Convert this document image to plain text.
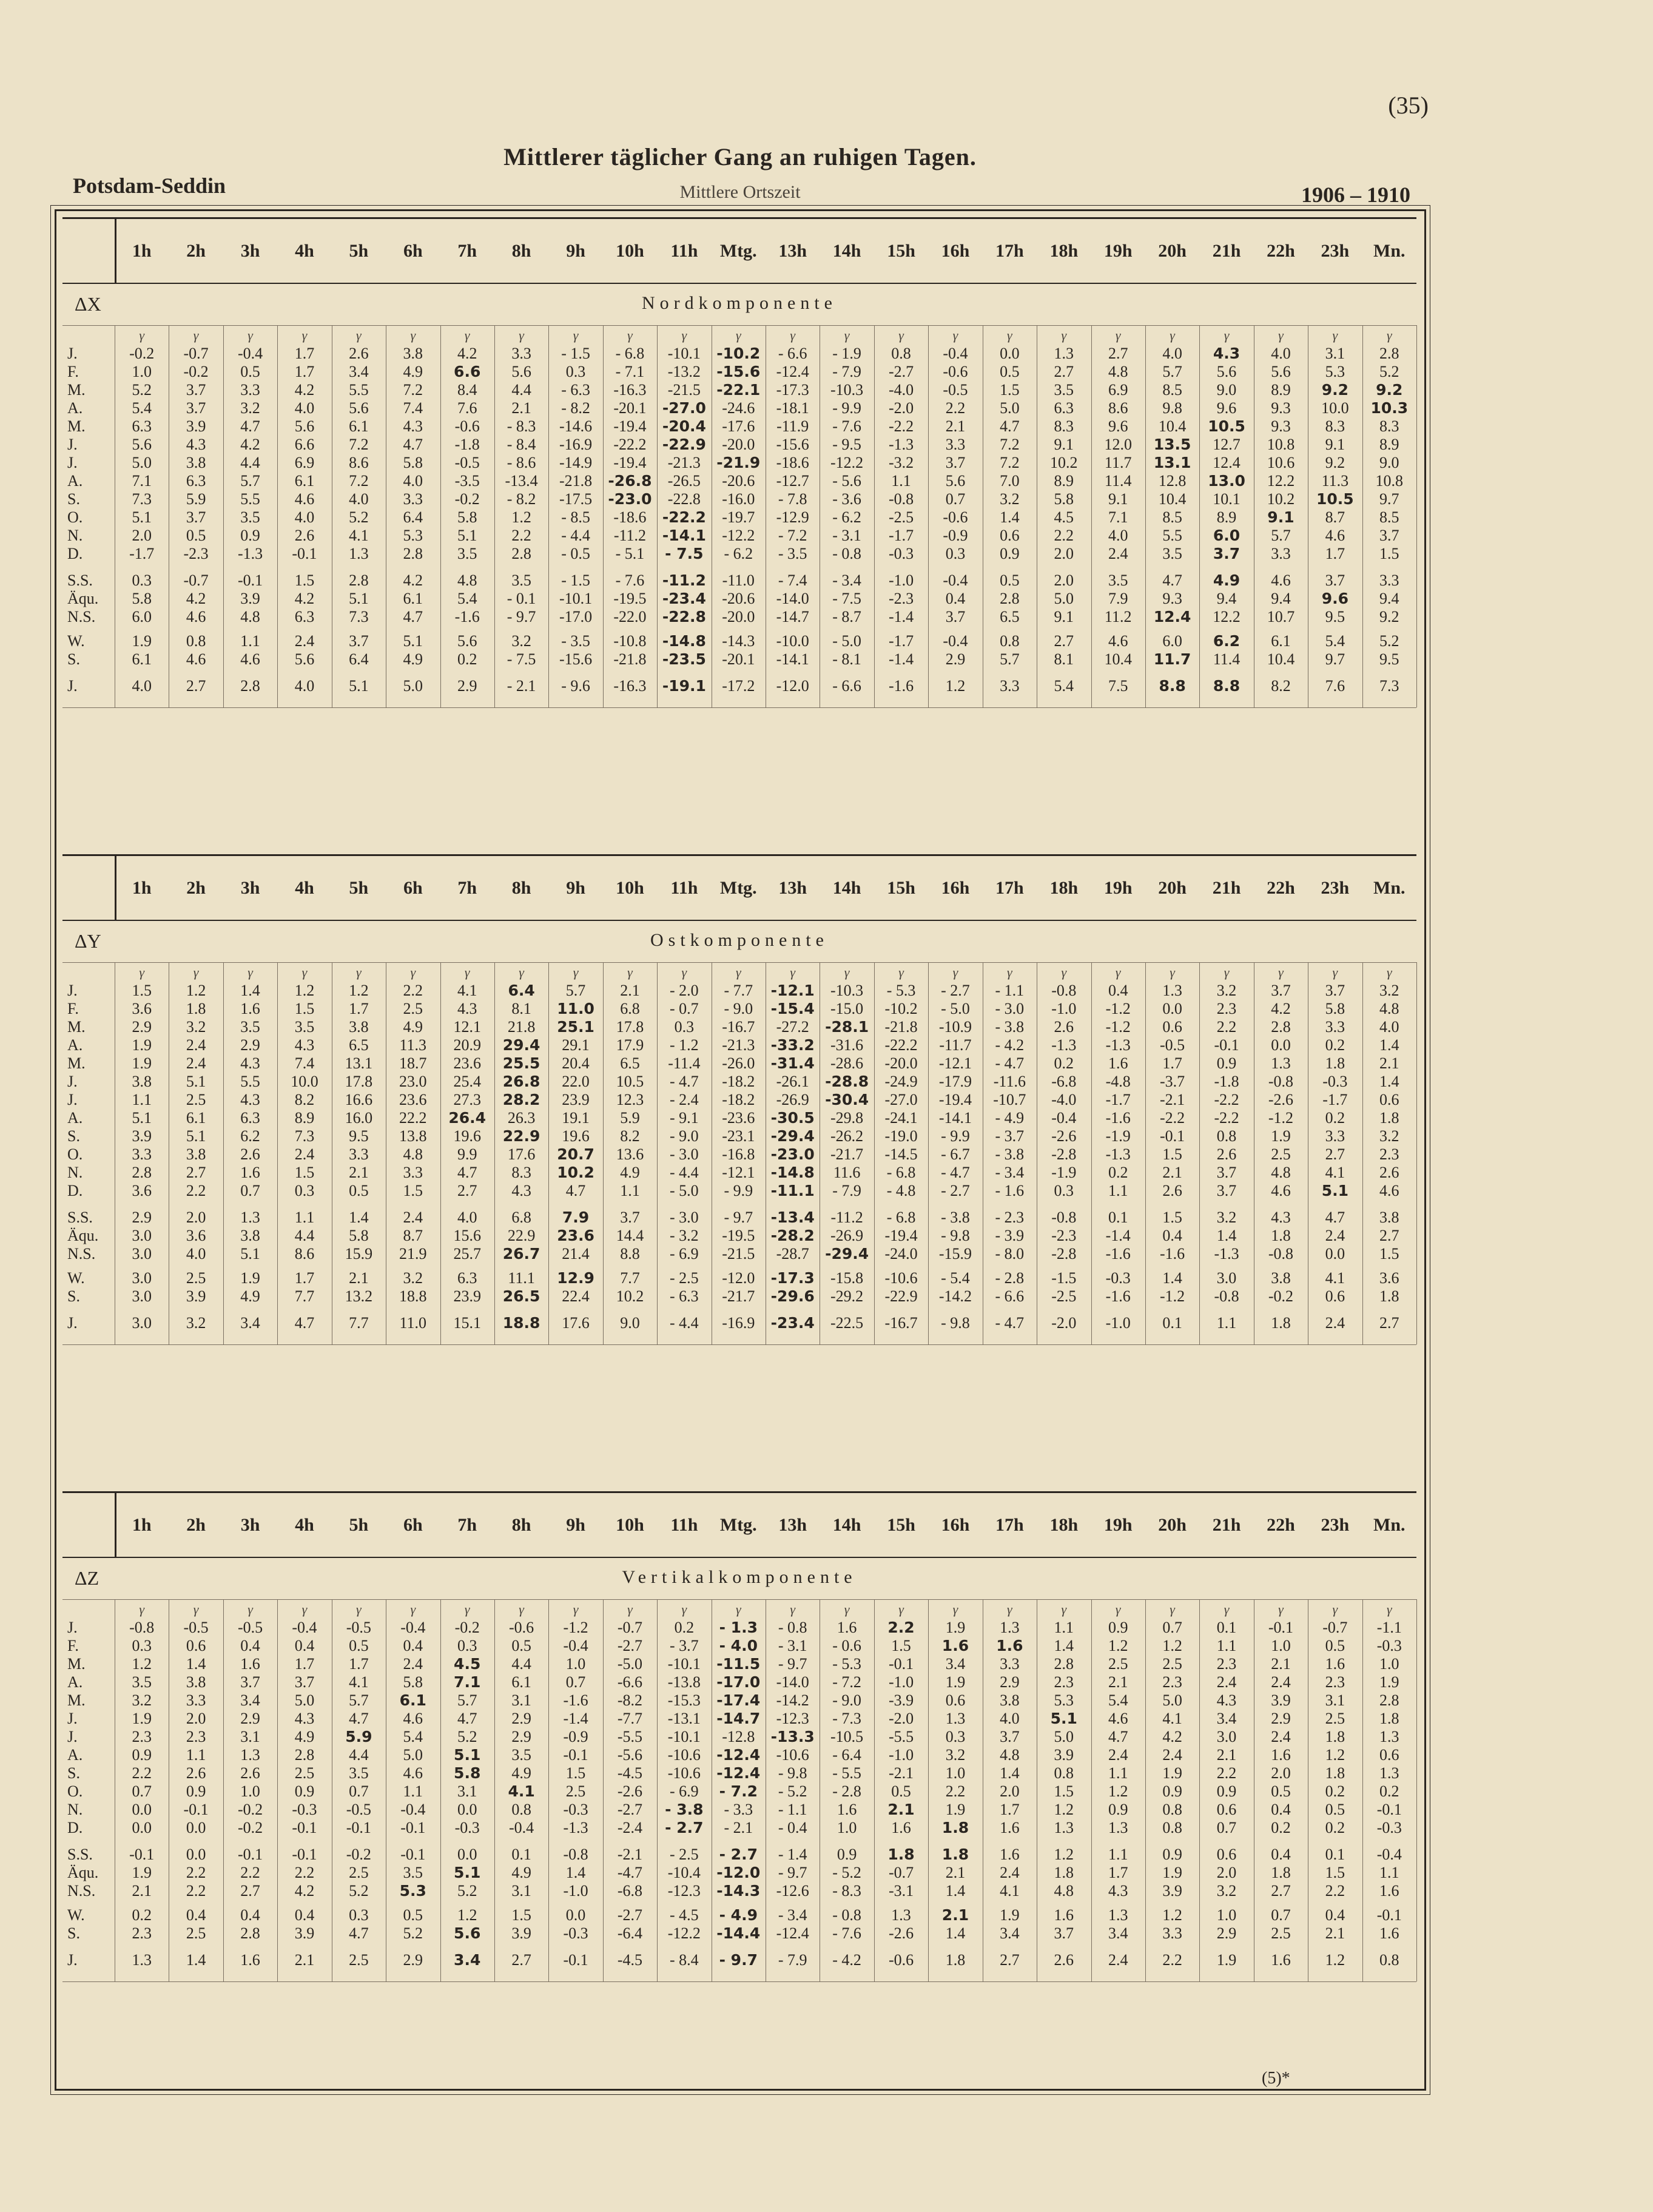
(35)
Mittlerer täglicher Gang an ruhigen Tagen.
Potsdam-Seddin	Mittlere Ortszeit	1906 – 1910
1h	2h	3h	4h	5h	6h	7h	8h	9h	10h	11h	Mtg.	13h	14h	15h	16h	17h	18h	19h	20h	21h	22h	23h	Mn.
ΔX	Nordkomponente
γ	γ	γ	γ	γ	γ	γ	γ	γ	γ	γ	γ	γ	γ	γ	γ	γ	γ	γ	γ	γ	γ	γ	γ
J.	-0.2	-0.7	-0.4	1.7	2.6	3.8	4.2	3.3	- 1.5	- 6.8	-10.1	-10.2	- 6.6	- 1.9	0.8	-0.4	0.0	1.3	2.7	4.0	4.3	4.0	3.1	2.8
F.	1.0	-0.2	0.5	1.7	3.4	4.9	6.6	5.6	0.3	- 7.1	-13.2	-15.6	-12.4	- 7.9	-2.7	-0.6	0.5	2.7	4.8	5.7	5.6	5.6	5.3	5.2
M.	5.2	3.7	3.3	4.2	5.5	7.2	8.4	4.4	- 6.3	-16.3	-21.5	-22.1	-17.3	-10.3	-4.0	-0.5	1.5	3.5	6.9	8.5	9.0	8.9	9.2	9.2
A.	5.4	3.7	3.2	4.0	5.6	7.4	7.6	2.1	- 8.2	-20.1	-27.0	-24.6	-18.1	- 9.9	-2.0	2.2	5.0	6.3	8.6	9.8	9.6	9.3	10.0	10.3
M.	6.3	3.9	4.7	5.6	6.1	4.3	-0.6	- 8.3	-14.6	-19.4	-20.4	-17.6	-11.9	- 7.6	-2.2	2.1	4.7	8.3	9.6	10.4	10.5	9.3	8.3	8.3
J.	5.6	4.3	4.2	6.6	7.2	4.7	-1.8	- 8.4	-16.9	-22.2	-22.9	-20.0	-15.6	- 9.5	-1.3	3.3	7.2	9.1	12.0	13.5	12.7	10.8	9.1	8.9
J.	5.0	3.8	4.4	6.9	8.6	5.8	-0.5	- 8.6	-14.9	-19.4	-21.3	-21.9	-18.6	-12.2	-3.2	3.7	7.2	10.2	11.7	13.1	12.4	10.6	9.2	9.0
A.	7.1	6.3	5.7	6.1	7.2	4.0	-3.5	-13.4	-21.8	-26.8	-26.5	-20.6	-12.7	- 5.6	1.1	5.6	7.0	8.9	11.4	12.8	13.0	12.2	11.3	10.8
S.	7.3	5.9	5.5	4.6	4.0	3.3	-0.2	- 8.2	-17.5	-23.0	-22.8	-16.0	- 7.8	- 3.6	-0.8	0.7	3.2	5.8	9.1	10.4	10.1	10.2	10.5	9.7
O.	5.1	3.7	3.5	4.0	5.2	6.4	5.8	1.2	- 8.5	-18.6	-22.2	-19.7	-12.9	- 6.2	-2.5	-0.6	1.4	4.5	7.1	8.5	8.9	9.1	8.7	8.5
N.	2.0	0.5	0.9	2.6	4.1	5.3	5.1	2.2	- 4.4	-11.2	-14.1	-12.2	- 7.2	- 3.1	-1.7	-0.9	0.6	2.2	4.0	5.5	6.0	5.7	4.6	3.7
D.	-1.7	-2.3	-1.3	-0.1	1.3	2.8	3.5	2.8	- 0.5	- 5.1	- 7.5	- 6.2	- 3.5	- 0.8	-0.3	0.3	0.9	2.0	2.4	3.5	3.7	3.3	1.7	1.5
S.S.	0.3	-0.7	-0.1	1.5	2.8	4.2	4.8	3.5	- 1.5	- 7.6	-11.2	-11.0	- 7.4	- 3.4	-1.0	-0.4	0.5	2.0	3.5	4.7	4.9	4.6	3.7	3.3
Äqu.	5.8	4.2	3.9	4.2	5.1	6.1	5.4	- 0.1	-10.1	-19.5	-23.4	-20.6	-14.0	- 7.5	-2.3	0.4	2.8	5.0	7.9	9.3	9.4	9.4	9.6	9.4
N.S.	6.0	4.6	4.8	6.3	7.3	4.7	-1.6	- 9.7	-17.0	-22.0	-22.8	-20.0	-14.7	- 8.7	-1.4	3.7	6.5	9.1	11.2	12.4	12.2	10.7	9.5	9.2
W.	1.9	0.8	1.1	2.4	3.7	5.1	5.6	3.2	- 3.5	-10.8	-14.8	-14.3	-10.0	- 5.0	-1.7	-0.4	0.8	2.7	4.6	6.0	6.2	6.1	5.4	5.2
S.	6.1	4.6	4.6	5.6	6.4	4.9	0.2	- 7.5	-15.6	-21.8	-23.5	-20.1	-14.1	- 8.1	-1.4	2.9	5.7	8.1	10.4	11.7	11.4	10.4	9.7	9.5
J.	4.0	2.7	2.8	4.0	5.1	5.0	2.9	- 2.1	- 9.6	-16.3	-19.1	-17.2	-12.0	- 6.6	-1.6	1.2	3.3	5.4	7.5	8.8	8.8	8.2	7.6	7.3
1h	2h	3h	4h	5h	6h	7h	8h	9h	10h	11h	Mtg.	13h	14h	15h	16h	17h	18h	19h	20h	21h	22h	23h	Mn.
ΔY	Ostkomponente
γ	γ	γ	γ	γ	γ	γ	γ	γ	γ	γ	γ	γ	γ	γ	γ	γ	γ	γ	γ	γ	γ	γ	γ
J.	1.5	1.2	1.4	1.2	1.2	2.2	4.1	6.4	5.7	2.1	- 2.0	- 7.7	-12.1	-10.3	- 5.3	- 2.7	- 1.1	-0.8	0.4	1.3	3.2	3.7	3.7	3.2
F.	3.6	1.8	1.6	1.5	1.7	2.5	4.3	8.1	11.0	6.8	- 0.7	- 9.0	-15.4	-15.0	-10.2	- 5.0	- 3.0	-1.0	-1.2	0.0	2.3	4.2	5.8	4.8
M.	2.9	3.2	3.5	3.5	3.8	4.9	12.1	21.8	25.1	17.8	0.3	-16.7	-27.2	-28.1	-21.8	-10.9	- 3.8	2.6	-1.2	0.6	2.2	2.8	3.3	4.0
A.	1.9	2.4	2.9	4.3	6.5	11.3	20.9	29.4	29.1	17.9	- 1.2	-21.3	-33.2	-31.6	-22.2	-11.7	- 4.2	-1.3	-1.3	-0.5	-0.1	0.0	0.2	1.4
M.	1.9	2.4	4.3	7.4	13.1	18.7	23.6	25.5	20.4	6.5	-11.4	-26.0	-31.4	-28.6	-20.0	-12.1	- 4.7	0.2	1.6	1.7	0.9	1.3	1.8	2.1
J.	3.8	5.1	5.5	10.0	17.8	23.0	25.4	26.8	22.0	10.5	- 4.7	-18.2	-26.1	-28.8	-24.9	-17.9	-11.6	-6.8	-4.8	-3.7	-1.8	-0.8	-0.3	1.4
J.	1.1	2.5	4.3	8.2	16.6	23.6	27.3	28.2	23.9	12.3	- 2.4	-18.2	-26.9	-30.4	-27.0	-19.4	-10.7	-4.0	-1.7	-2.1	-2.2	-2.6	-1.7	0.6
A.	5.1	6.1	6.3	8.9	16.0	22.2	26.4	26.3	19.1	5.9	- 9.1	-23.6	-30.5	-29.8	-24.1	-14.1	- 4.9	-0.4	-1.6	-2.2	-2.2	-1.2	0.2	1.8
S.	3.9	5.1	6.2	7.3	9.5	13.8	19.6	22.9	19.6	8.2	- 9.0	-23.1	-29.4	-26.2	-19.0	- 9.9	- 3.7	-2.6	-1.9	-0.1	0.8	1.9	3.3	3.2
O.	3.3	3.8	2.6	2.4	3.3	4.8	9.9	17.6	20.7	13.6	- 3.0	-16.8	-23.0	-21.7	-14.5	- 6.7	- 3.8	-2.8	-1.3	1.5	2.6	2.5	2.7	2.3
N.	2.8	2.7	1.6	1.5	2.1	3.3	4.7	8.3	10.2	4.9	- 4.4	-12.1	-14.8	11.6	- 6.8	- 4.7	- 3.4	-1.9	0.2	2.1	3.7	4.8	4.1	2.6
D.	3.6	2.2	0.7	0.3	0.5	1.5	2.7	4.3	4.7	1.1	- 5.0	- 9.9	-11.1	- 7.9	- 4.8	- 2.7	- 1.6	0.3	1.1	2.6	3.7	4.6	5.1	4.6
S.S.	2.9	2.0	1.3	1.1	1.4	2.4	4.0	6.8	7.9	3.7	- 3.0	- 9.7	-13.4	-11.2	- 6.8	- 3.8	- 2.3	-0.8	0.1	1.5	3.2	4.3	4.7	3.8
Äqu.	3.0	3.6	3.8	4.4	5.8	8.7	15.6	22.9	23.6	14.4	- 3.2	-19.5	-28.2	-26.9	-19.4	- 9.8	- 3.9	-2.3	-1.4	0.4	1.4	1.8	2.4	2.7
N.S.	3.0	4.0	5.1	8.6	15.9	21.9	25.7	26.7	21.4	8.8	- 6.9	-21.5	-28.7	-29.4	-24.0	-15.9	- 8.0	-2.8	-1.6	-1.6	-1.3	-0.8	0.0	1.5
W.	3.0	2.5	1.9	1.7	2.1	3.2	6.3	11.1	12.9	7.7	- 2.5	-12.0	-17.3	-15.8	-10.6	- 5.4	- 2.8	-1.5	-0.3	1.4	3.0	3.8	4.1	3.6
S.	3.0	3.9	4.9	7.7	13.2	18.8	23.9	26.5	22.4	10.2	- 6.3	-21.7	-29.6	-29.2	-22.9	-14.2	- 6.6	-2.5	-1.6	-1.2	-0.8	-0.2	0.6	1.8
J.	3.0	3.2	3.4	4.7	7.7	11.0	15.1	18.8	17.6	9.0	- 4.4	-16.9	-23.4	-22.5	-16.7	- 9.8	- 4.7	-2.0	-1.0	0.1	1.1	1.8	2.4	2.7
1h	2h	3h	4h	5h	6h	7h	8h	9h	10h	11h	Mtg.	13h	14h	15h	16h	17h	18h	19h	20h	21h	22h	23h	Mn.
ΔZ	Vertikalkomponente
γ	γ	γ	γ	γ	γ	γ	γ	γ	γ	γ	γ	γ	γ	γ	γ	γ	γ	γ	γ	γ	γ	γ	γ
J.	-0.8	-0.5	-0.5	-0.4	-0.5	-0.4	-0.2	-0.6	-1.2	-0.7	0.2	- 1.3	- 0.8	1.6	2.2	1.9	1.3	1.1	0.9	0.7	0.1	-0.1	-0.7	-1.1
F.	0.3	0.6	0.4	0.4	0.5	0.4	0.3	0.5	-0.4	-2.7	- 3.7	- 4.0	- 3.1	- 0.6	1.5	1.6	1.6	1.4	1.2	1.2	1.1	1.0	0.5	-0.3
M.	1.2	1.4	1.6	1.7	1.7	2.4	4.5	4.4	1.0	-5.0	-10.1	-11.5	- 9.7	- 5.3	-0.1	3.4	3.3	2.8	2.5	2.5	2.3	2.1	1.6	1.0
A.	3.5	3.8	3.7	3.7	4.1	5.8	7.1	6.1	0.7	-6.6	-13.8	-17.0	-14.0	- 7.2	-1.0	1.9	2.9	2.3	2.1	2.3	2.4	2.4	2.3	1.9
M.	3.2	3.3	3.4	5.0	5.7	6.1	5.7	3.1	-1.6	-8.2	-15.3	-17.4	-14.2	- 9.0	-3.9	0.6	3.8	5.3	5.4	5.0	4.3	3.9	3.1	2.8
J.	1.9	2.0	2.9	4.3	4.7	4.6	4.7	2.9	-1.4	-7.7	-13.1	-14.7	-12.3	- 7.3	-2.0	1.3	4.0	5.1	4.6	4.1	3.4	2.9	2.5	1.8
J.	2.3	2.3	3.1	4.9	5.9	5.4	5.2	2.9	-0.9	-5.5	-10.1	-12.8	-13.3	-10.5	-5.5	0.3	3.7	5.0	4.7	4.2	3.0	2.4	1.8	1.3
A.	0.9	1.1	1.3	2.8	4.4	5.0	5.1	3.5	-0.1	-5.6	-10.6	-12.4	-10.6	- 6.4	-1.0	3.2	4.8	3.9	2.4	2.4	2.1	1.6	1.2	0.6
S.	2.2	2.6	2.6	2.5	3.5	4.6	5.8	4.9	1.5	-4.5	-10.6	-12.4	- 9.8	- 5.5	-2.1	1.0	1.4	0.8	1.1	1.9	2.2	2.0	1.8	1.3
O.	0.7	0.9	1.0	0.9	0.7	1.1	3.1	4.1	2.5	-2.6	- 6.9	- 7.2	- 5.2	- 2.8	0.5	2.2	2.0	1.5	1.2	0.9	0.9	0.5	0.2	0.2
N.	0.0	-0.1	-0.2	-0.3	-0.5	-0.4	0.0	0.8	-0.3	-2.7	- 3.8	- 3.3	- 1.1	1.6	2.1	1.9	1.7	1.2	0.9	0.8	0.6	0.4	0.5	-0.1
D.	0.0	0.0	-0.2	-0.1	-0.1	-0.1	-0.3	-0.4	-1.3	-2.4	- 2.7	- 2.1	- 0.4	1.0	1.6	1.8	1.6	1.3	1.3	0.8	0.7	0.2	0.2	-0.3
S.S.	-0.1	0.0	-0.1	-0.1	-0.2	-0.1	0.0	0.1	-0.8	-2.1	- 2.5	- 2.7	- 1.4	0.9	1.8	1.8	1.6	1.2	1.1	0.9	0.6	0.4	0.1	-0.4
Äqu.	1.9	2.2	2.2	2.2	2.5	3.5	5.1	4.9	1.4	-4.7	-10.4	-12.0	- 9.7	- 5.2	-0.7	2.1	2.4	1.8	1.7	1.9	2.0	1.8	1.5	1.1
N.S.	2.1	2.2	2.7	4.2	5.2	5.3	5.2	3.1	-1.0	-6.8	-12.3	-14.3	-12.6	- 8.3	-3.1	1.4	4.1	4.8	4.3	3.9	3.2	2.7	2.2	1.6
W.	0.2	0.4	0.4	0.4	0.3	0.5	1.2	1.5	0.0	-2.7	- 4.5	- 4.9	- 3.4	- 0.8	1.3	2.1	1.9	1.6	1.3	1.2	1.0	0.7	0.4	-0.1
S.	2.3	2.5	2.8	3.9	4.7	5.2	5.6	3.9	-0.3	-6.4	-12.2	-14.4	-12.4	- 7.6	-2.6	1.4	3.4	3.7	3.4	3.3	2.9	2.5	2.1	1.6
J.	1.3	1.4	1.6	2.1	2.5	2.9	3.4	2.7	-0.1	-4.5	- 8.4	- 9.7	- 7.9	- 4.2	-0.6	1.8	2.7	2.6	2.4	2.2	1.9	1.6	1.2	0.8
(5)*
